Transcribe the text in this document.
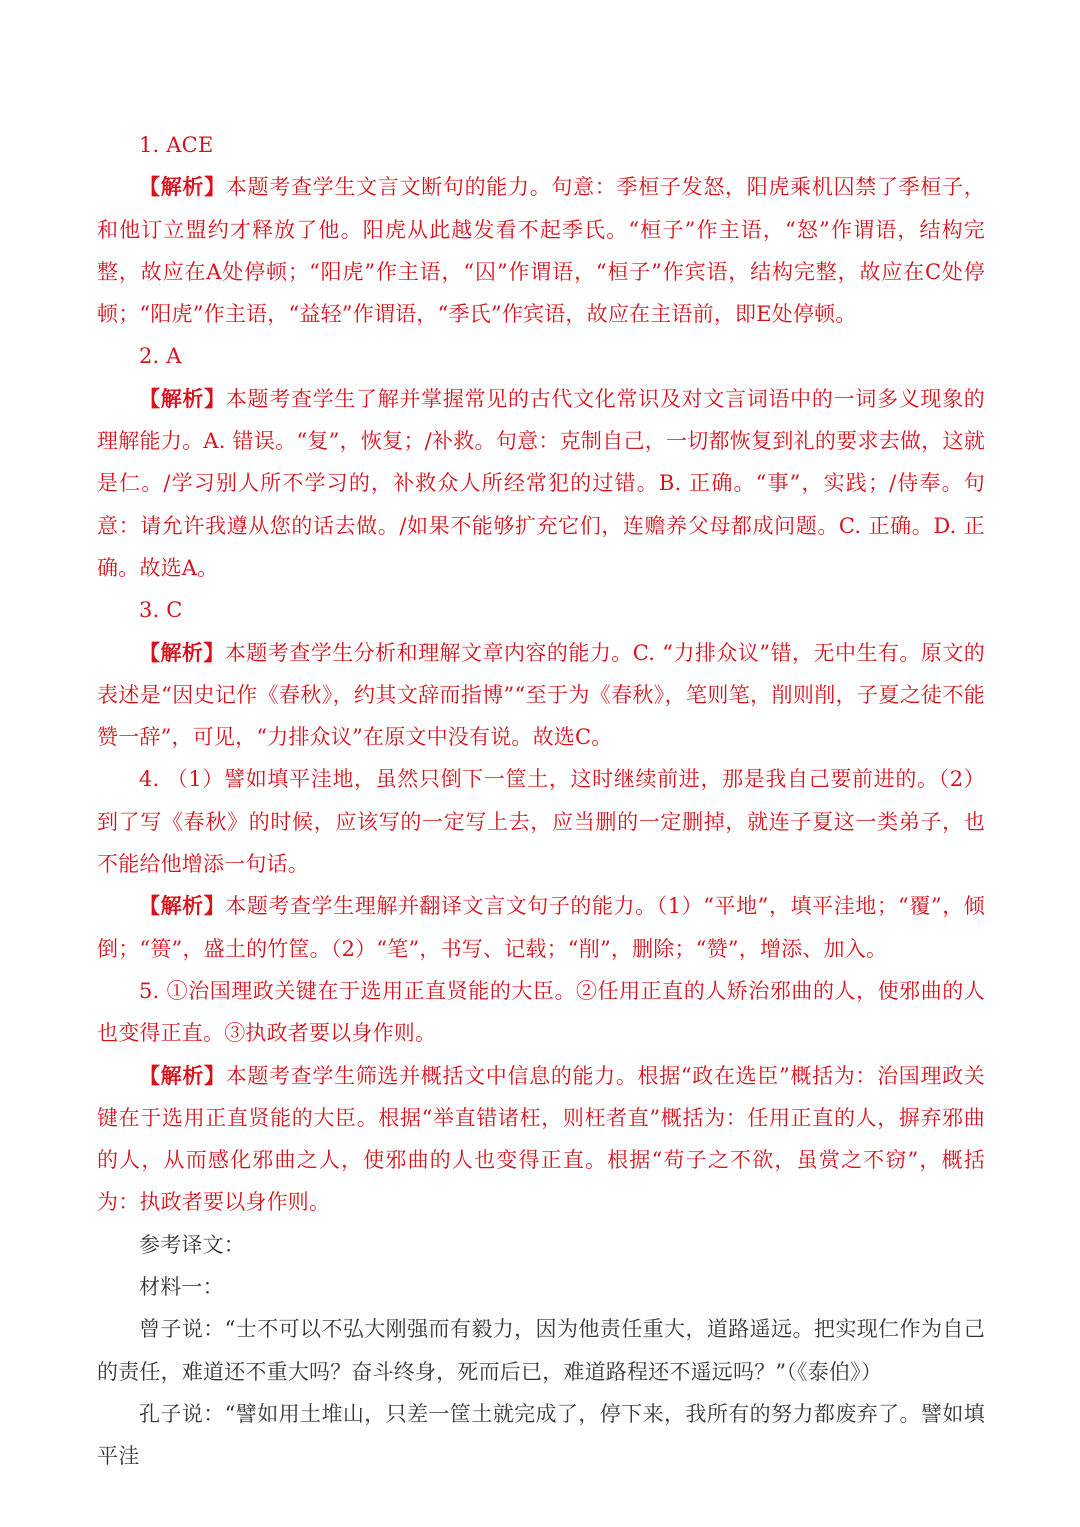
1. ACE

【解析】本题考查学生文言文断句的能力。句意：季桓子发怒，阳虎乘机囚禁了季桓子，和他订立盟约才释放了他。阳虎从此越发看不起季氏。“桓子”作主语，“怒”作谓语，结构完整，故应在A处停顿；“阳虎”作主语，“囚”作谓语，“桓子”作宾语，结构完整，故应在C处停顿；“阳虎”作主语，“益轻”作谓语，“季氏”作宾语，故应在主语前，即E处停顿。

2. A

【解析】本题考查学生了解并掌握常见的古代文化常识及对文言词语中的一词多义现象的理解能力。A. 错误。“复”，恢复；/补救。句意：克制自己，一切都恢复到礼的要求去做，这就是仁。/学习别人所不学习的，补救众人所经常犯的过错。B. 正确。“事”，实践；/侍奉。句意：请允许我遵从您的话去做。/如果不能够扩充它们，连赡养父母都成问题。C. 正确。D. 正确。故选A。

3. C

【解析】本题考查学生分析和理解文章内容的能力。C. “力排众议”错，无中生有。原文的表述是“因史记作《春秋》，约其文辞而指博”“至于为《春秋》，笔则笔，削则削，子夏之徒不能赞一辞”，可见，“力排众议”在原文中没有说。故选C。

4. （1）譬如填平洼地，虽然只倒下一筐土，这时继续前进，那是我自己要前进的。（2）到了写《春秋》的时候，应该写的一定写上去，应当删的一定删掉，就连子夏这一类弟子，也不能给他增添一句话。

【解析】本题考查学生理解并翻译文言文句子的能力。（1）“平地”，填平洼地；“覆”，倾倒；“篑”，盛土的竹筐。（2）“笔”，书写、记载；“削”，删除；“赞”，增添、加入。

5. ①治国理政关键在于选用正直贤能的大臣。②任用正直的人矫治邪曲的人，使邪曲的人也变得正直。③执政者要以身作则。

【解析】本题考查学生筛选并概括文中信息的能力。根据“政在选臣”概括为：治国理政关键在于选用正直贤能的大臣。根据“举直错诸枉，则枉者直”概括为：任用正直的人，摒弃邪曲的人，从而感化邪曲之人，使邪曲的人也变得正直。根据“苟子之不欲，虽赏之不窃”，概括为：执政者要以身作则。

参考译文：

材料一：

曾子说：“士不可以不弘大刚强而有毅力，因为他责任重大，道路遥远。把实现仁作为自己的责任，难道还不重大吗？奋斗终身，死而后已，难道路程还不遥远吗？”（《泰伯》）

孔子说：“譬如用土堆山，只差一筐土就完成了，停下来，我所有的努力都废弃了。譬如填平洼
